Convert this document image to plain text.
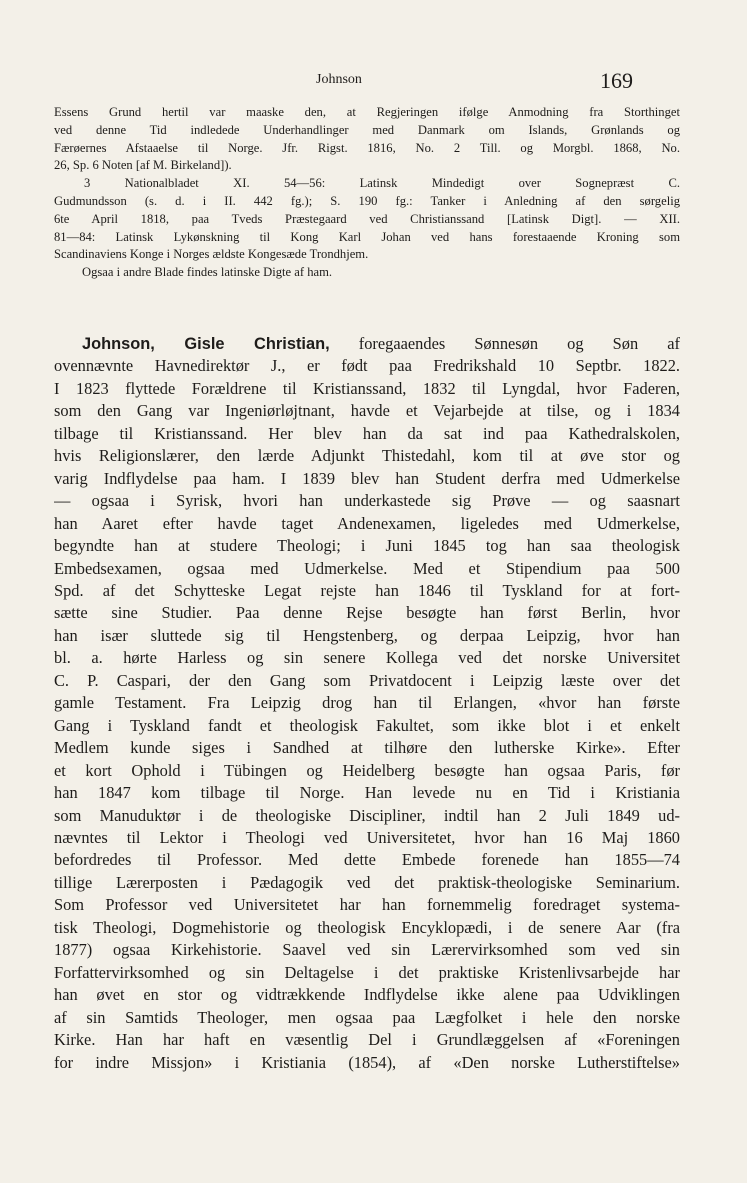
Johnson	169
Essens Grund hertil var maaske den, at Regjeringen ifølge Anmodning fra Storthinget
ved denne Tid indledede Underhandlinger med Danmark om Islands, Grønlands og
Færøernes Afstaaelse til Norge. Jfr. Rigst. 1816, No. 2 Till. og Morgbl. 1868, No.
26, Sp. 6 Noten [af M. Birkeland]).
3 Nationalbladet XI. 54—56: Latinsk Mindedigt over Sognepræst C.
Gudmundsson (s. d. i II. 442 fg.); S. 190 fg.: Tanker i Anledning af den sørgelig
6te April 1818, paa Tveds Præstegaard ved Christianssand [Latinsk Digt]. — XII.
81—84: Latinsk Lykønskning til Kong Karl Johan ved hans forestaaende Kroning som
Scandinaviens Konge i Norges ældste Kongesæde Trondhjem.
Ogsaa i andre Blade findes latinske Digte af ham.
Johnson, Gisle Christian, foregaaendes Sønnesøn og Søn af
ovennævnte Havnedirektør J., er født paa Fredrikshald 10 Septbr. 1822.
I 1823 flyttede Forældrene til Kristianssand, 1832 til Lyngdal, hvor Faderen,
som den Gang var Ingeniørløjtnant, havde et Vejarbejde at tilse, og i 1834
tilbage til Kristianssand. Her blev han da sat ind paa Kathedralskolen,
hvis Religionslærer, den lærde Adjunkt Thistedahl, kom til at øve stor og
varig Indflydelse paa ham. I 1839 blev han Student derfra med Udmerkelse
— ogsaa i Syrisk, hvori han underkastede sig Prøve — og saasnart
han Aaret efter havde taget Andenexamen, ligeledes med Udmerkelse,
begyndte han at studere Theologi; i Juni 1845 tog han saa theologisk
Embedsexamen, ogsaa med Udmerkelse. Med et Stipendium paa 500
Spd. af det Schytteske Legat rejste han 1846 til Tyskland for at fort-
sætte sine Studier. Paa denne Rejse besøgte han først Berlin, hvor
han især sluttede sig til Hengstenberg, og derpaa Leipzig, hvor han
bl. a. hørte Harless og sin senere Kollega ved det norske Universitet
C. P. Caspari, der den Gang som Privatdocent i Leipzig læste over det
gamle Testament. Fra Leipzig drog han til Erlangen, «hvor han første
Gang i Tyskland fandt et theologisk Fakultet, som ikke blot i et enkelt
Medlem kunde siges i Sandhed at tilhøre den lutherske Kirke». Efter
et kort Ophold i Tübingen og Heidelberg besøgte han ogsaa Paris, før
han 1847 kom tilbage til Norge. Han levede nu en Tid i Kristiania
som Manuduktør i de theologiske Discipliner, indtil han 2 Juli 1849 ud-
nævntes til Lektor i Theologi ved Universitetet, hvor han 16 Maj 1860
befordredes til Professor. Med dette Embede forenede han 1855—74
tillige Lærerposten i Pædagogik ved det praktisk-theologiske Seminarium.
Som Professor ved Universitetet har han fornemmelig foredraget systema-
tisk Theologi, Dogmehistorie og theologisk Encyklopædi, i de senere Aar (fra
1877) ogsaa Kirkehistorie. Saavel ved sin Lærervirksomhed som ved sin
Forfattervirksomhed og sin Deltagelse i det praktiske Kristenlivsarbejde har
han øvet en stor og vidtrækkende Indflydelse ikke alene paa Udviklingen
af sin Samtids Theologer, men ogsaa paa Lægfolket i hele den norske
Kirke. Han har haft en væsentlig Del i Grundlæggelsen af «Foreningen
for indre Missjon» i Kristiania (1854), af «Den norske Lutherstiftelse»
